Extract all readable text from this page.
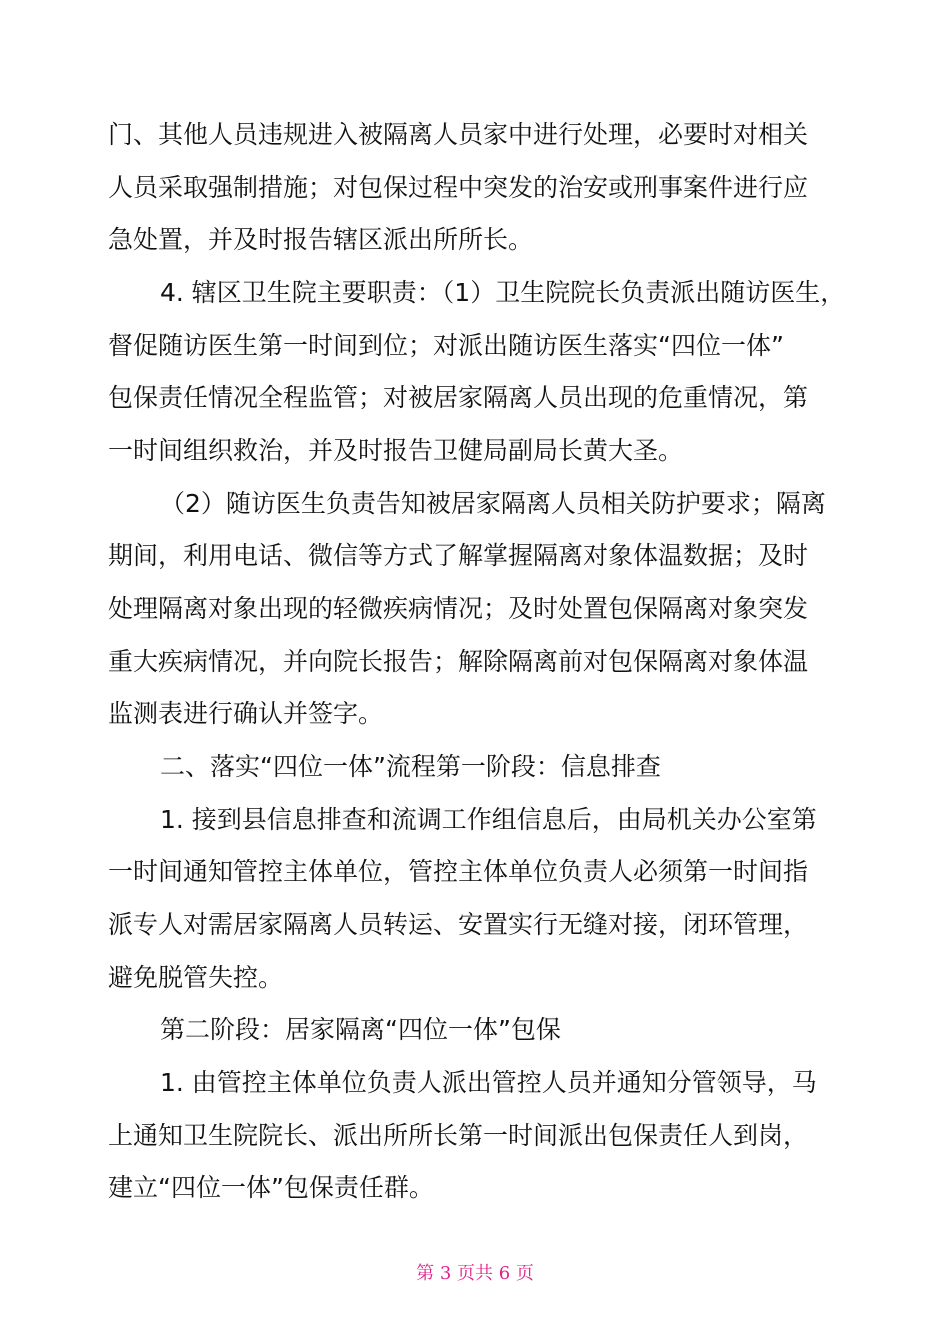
门、其他人员违规进入被隔离人员家中进行处理，必要时对相关

人员采取强制措施；对包保过程中突发的治安或刑事案件进行应

急处置，并及时报告辖区派出所所长。

4. 辖区卫生院主要职责：（1）卫生院院长负责派出随访医生，

督促随访医生第一时间到位；对派出随访医生落实“四位一体”

包保责任情况全程监管；对被居家隔离人员出现的危重情况，第

一时间组织救治，并及时报告卫健局副局长黄大圣。

（2）随访医生负责告知被居家隔离人员相关防护要求；隔离

期间，利用电话、微信等方式了解掌握隔离对象体温数据；及时

处理隔离对象出现的轻微疾病情况；及时处置包保隔离对象突发

重大疾病情况，并向院长报告；解除隔离前对包保隔离对象体温

监测表进行确认并签字。

二、落实“四位一体”流程第一阶段：信息排查

1. 接到县信息排查和流调工作组信息后，由局机关办公室第

一时间通知管控主体单位，管控主体单位负责人必须第一时间指

派专人对需居家隔离人员转运、安置实行无缝对接，闭环管理，

避免脱管失控。

第二阶段：居家隔离“四位一体”包保

1. 由管控主体单位负责人派出管控人员并通知分管领导，马

上通知卫生院院长、派出所所长第一时间派出包保责任人到岗，

建立“四位一体”包保责任群。

第 3 页共 6 页
